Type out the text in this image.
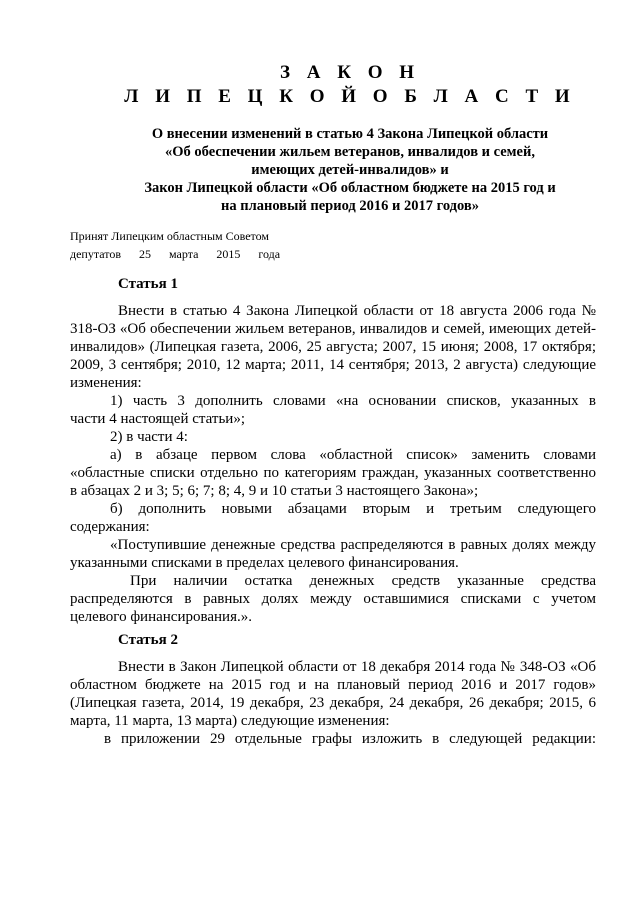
З А К О Н
Л И П Е Ц К О Й О Б Л А С Т И
О внесении изменений в статью 4 Закона Липецкой области
«Об обеспечении жильем ветеранов, инвалидов и семей,
имеющих детей-инвалидов» и
Закон Липецкой области «Об областном бюджете на 2015 год и
на плановый период 2016 и 2017 годов»
Принят Липецким областным Советом
депутатов      25      марта      2015      года
Статья 1
Внести в статью 4 Закона Липецкой области от 18 августа 2006 года №
318-ОЗ «Об обеспечении жильем ветеранов, инвалидов и семей, имеющих детей-
инвалидов» (Липецкая газета, 2006, 25 августа; 2007, 15 июня; 2008, 17 октября;
2009, 3 сентября; 2010, 12 марта; 2011, 14 сентября; 2013, 2 августа) следующие
изменения:
1) часть 3 дополнить словами «на основании списков, указанных в
части 4 настоящей статьи»;
2) в части 4:
а) в абзаце первом слова «областной список» заменить словами
«областные списки отдельно по категориям граждан, указанных соответственно
в абзацах 2 и 3; 5; 6; 7; 8; 4, 9 и 10 статьи 3 настоящего Закона»;
б) дополнить новыми абзацами вторым и третьим следующего
содержания:
«Поступившие денежные средства распределяются в равных долях между
указанными списками в пределах целевого финансирования.
При наличии остатка денежных средств указанные средства
распределяются в равных долях между оставшимися списками с учетом
целевого финансирования.».
Статья 2
Внести в Закон Липецкой области от 18 декабря 2014 года № 348-ОЗ «Об
областном бюджете на 2015 год и на плановый период 2016 и 2017 годов»
(Липецкая газета, 2014, 19 декабря, 23 декабря, 24 декабря, 26 декабря; 2015, 6
марта, 11 марта, 13 марта) следующие изменения:
в приложении 29 отдельные графы изложить в следующей редакции:
